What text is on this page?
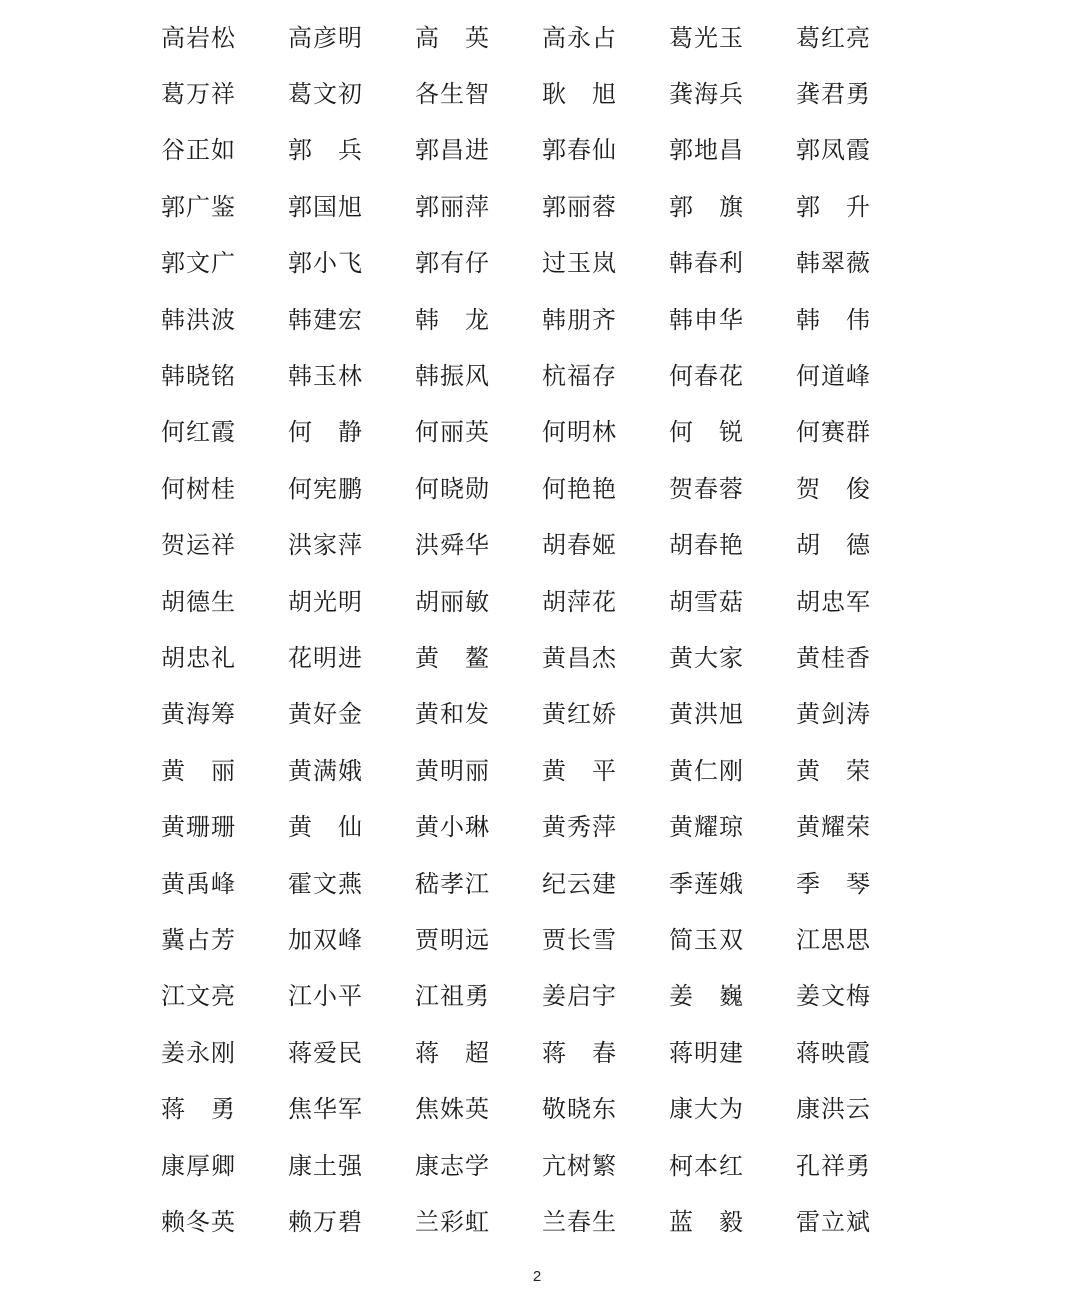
高岩松	高彦明	高　英	高永占	葛光玉	葛红亮
葛万祥	葛文初	各生智	耿　旭	龚海兵	龚君勇
谷正如	郭　兵	郭昌进	郭春仙	郭地昌	郭凤霞
郭广鉴	郭国旭	郭丽萍	郭丽蓉	郭　旗	郭　升
郭文广	郭小飞	郭有仔	过玉岚	韩春利	韩翠薇
韩洪波	韩建宏	韩　龙	韩朋齐	韩申华	韩　伟
韩晓铭	韩玉林	韩振风	杭福存	何春花	何道峰
何红霞	何　静	何丽英	何明林	何　锐	何赛群
何树桂	何宪鹏	何晓勋	何艳艳	贺春蓉	贺　俊
贺运祥	洪家萍	洪舜华	胡春姬	胡春艳	胡　德
胡德生	胡光明	胡丽敏	胡萍花	胡雪菇	胡忠军
胡忠礼	花明进	黄　鳌	黄昌杰	黄大家	黄桂香
黄海筹	黄好金	黄和发	黄红娇	黄洪旭	黄剑涛
黄　丽	黄满娥	黄明丽	黄　平	黄仁刚	黄　荣
黄珊珊	黄　仙	黄小琳	黄秀萍	黄耀琼	黄耀荣
黄禹峰	霍文燕	嵇孝江	纪云建	季莲娥	季　琴
冀占芳	加双峰	贾明远	贾长雪	简玉双	江思思
江文亮	江小平	江祖勇	姜启宇	姜　巍	姜文梅
姜永刚	蒋爱民	蒋　超	蒋　春	蒋明建	蒋映霞
蒋　勇	焦华军	焦姝英	敬晓东	康大为	康洪云
康厚卿	康土强	康志学	亢树繁	柯本红	孔祥勇
赖冬英	赖万碧	兰彩虹	兰春生	蓝　毅	雷立斌
2
